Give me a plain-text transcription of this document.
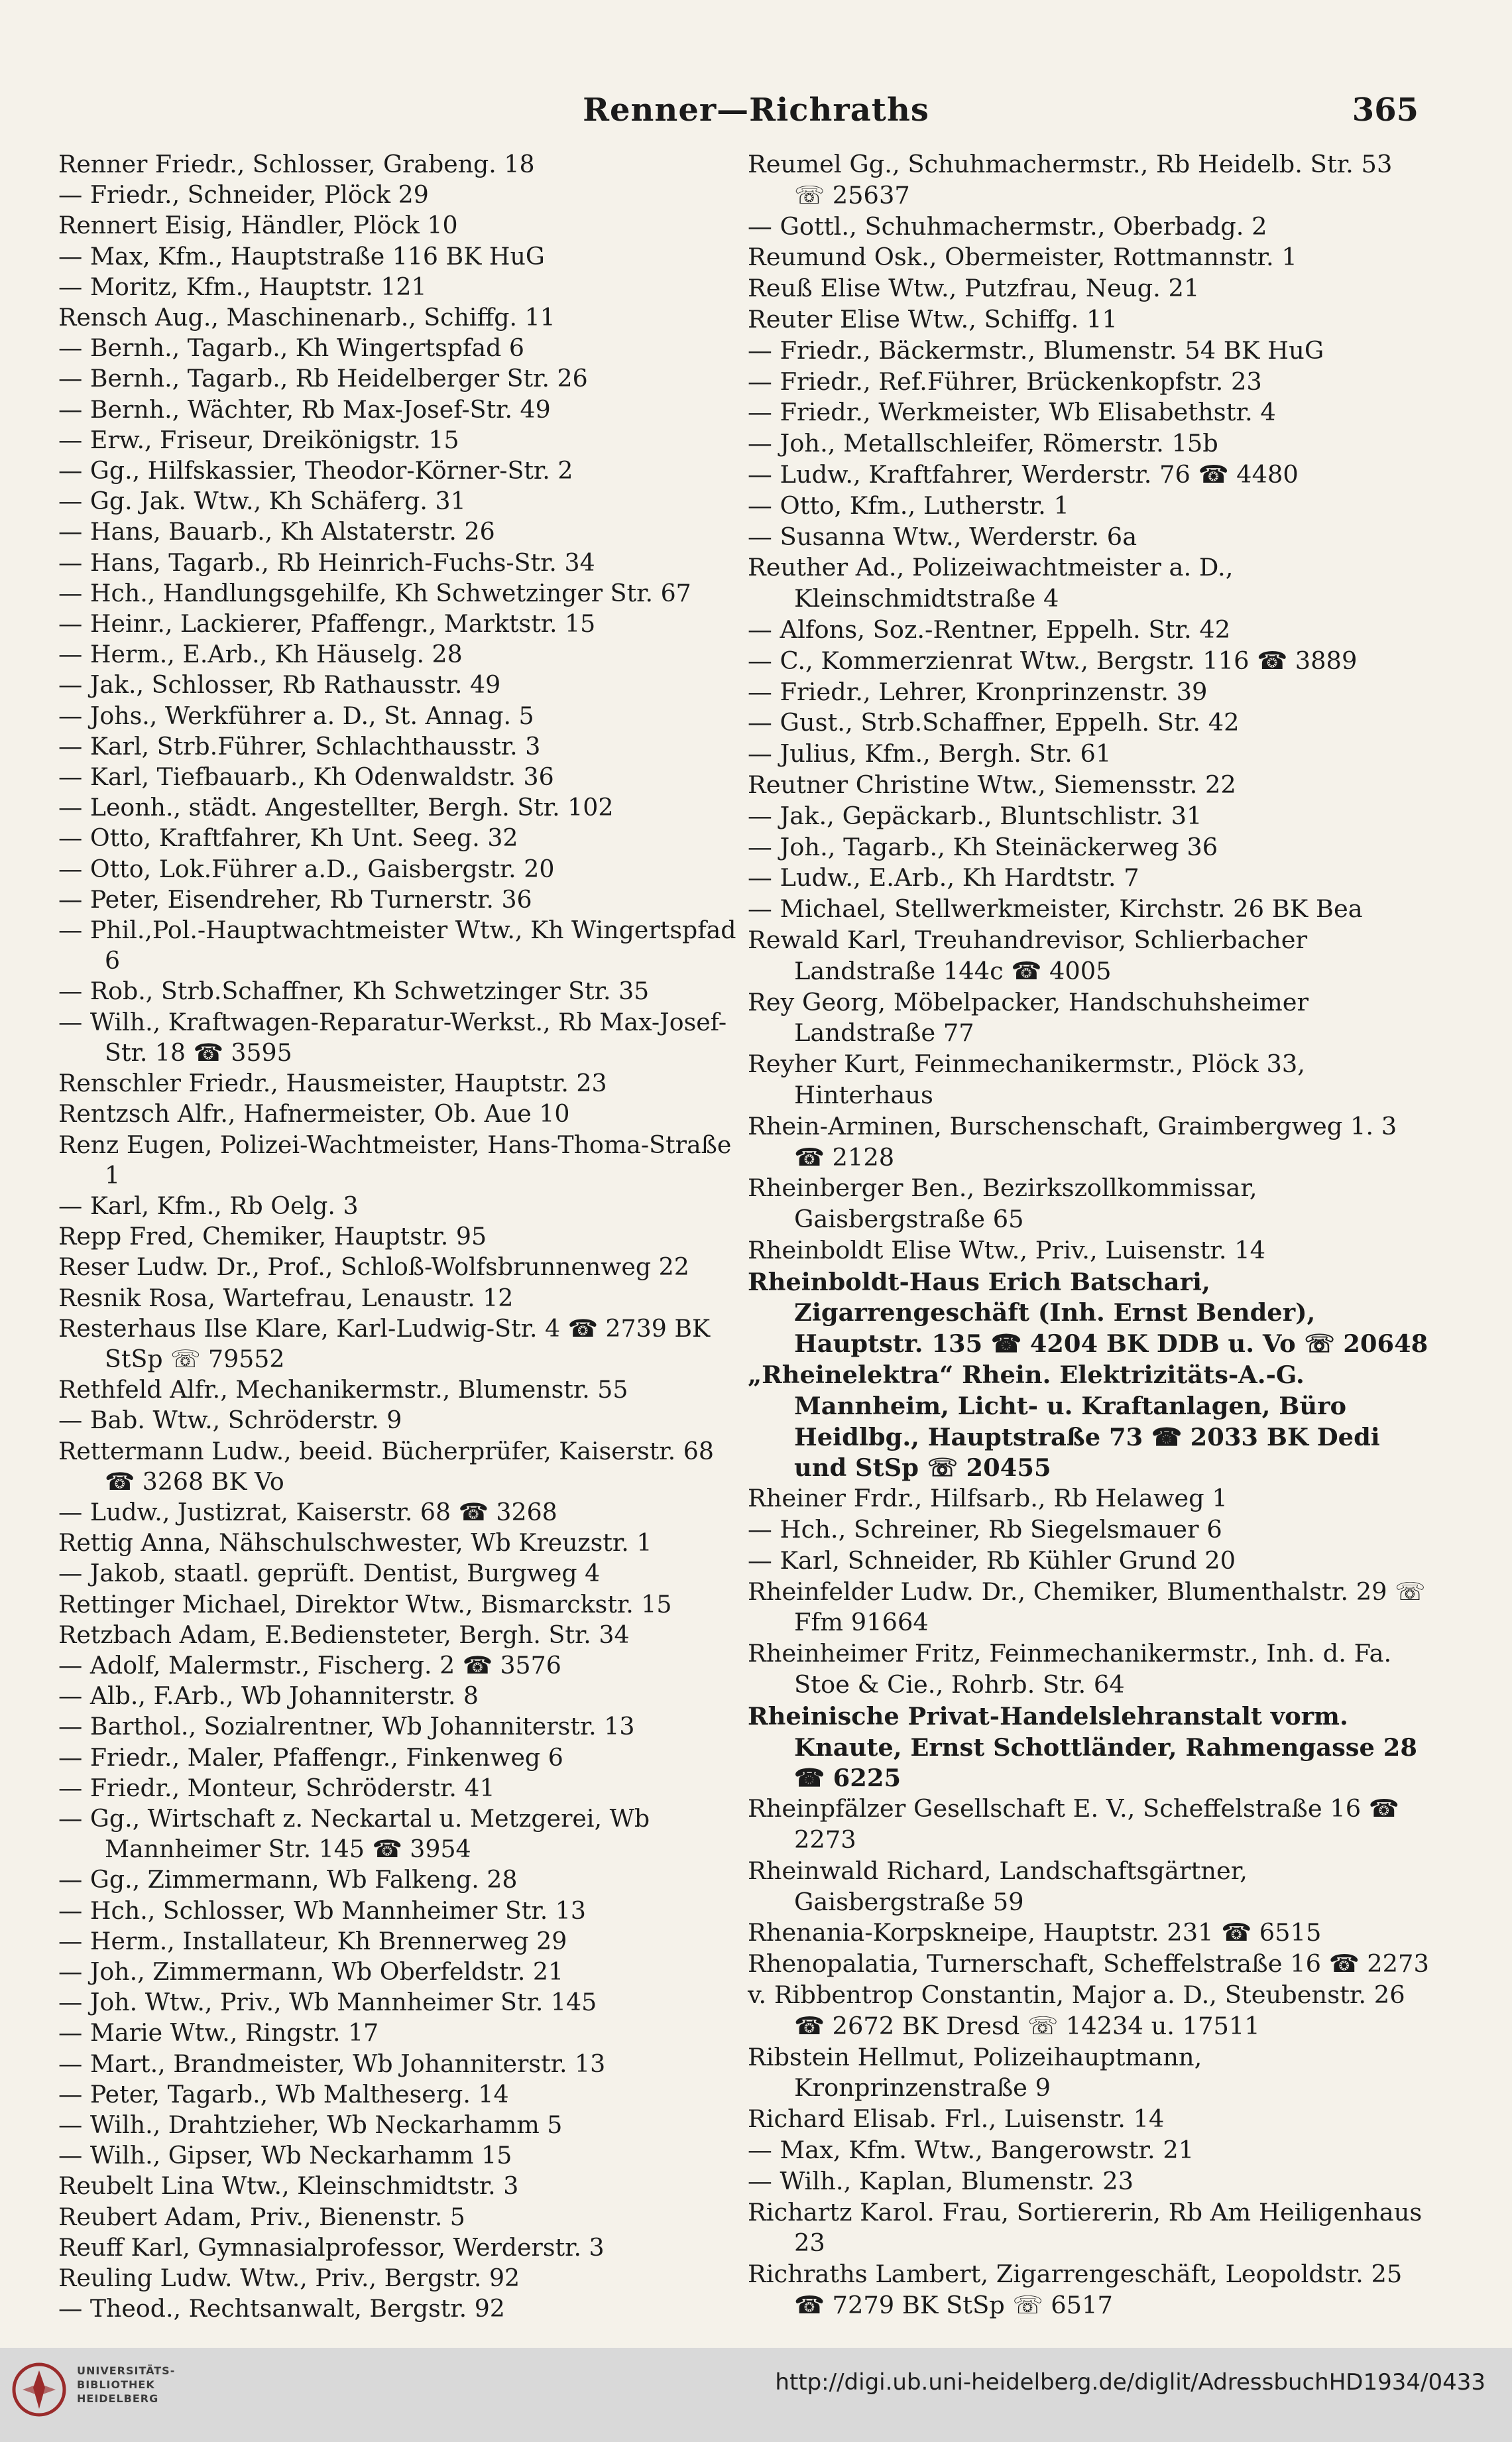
Renner—Richraths	365

Renner Friedr., Schlosser, Grabeng. 18

— Friedr., Schneider, Plöck 29

Rennert Eisig, Händler, Plöck 10

— Max, Kfm., Hauptstraße 116 BK HuG

— Moritz, Kfm., Hauptstr. 121

Rensch Aug., Maschinenarb., Schiffg. 11

— Bernh., Tagarb., Kh Wingertspfad 6

— Bernh., Tagarb., Rb Heidelberger Str. 26

— Bernh., Wächter, Rb Max-Josef-Str. 49

— Erw., Friseur, Dreikönigstr. 15

— Gg., Hilfskassier, Theodor-Körner-Str. 2

— Gg. Jak. Wtw., Kh Schäferg. 31

— Hans, Bauarb., Kh Alstaterstr. 26

— Hans, Tagarb., Rb Heinrich-Fuchs-Str. 34

— Hch., Handlungsgehilfe, Kh Schwetzinger Str. 67

— Heinr., Lackierer, Pfaffengr., Marktstr. 15

— Herm., E.Arb., Kh Häuselg. 28

— Jak., Schlosser, Rb Rathausstr. 49

— Johs., Werkführer a. D., St. Annag. 5

— Karl, Strb.Führer, Schlachthausstr. 3

— Karl, Tiefbauarb., Kh Odenwaldstr. 36

— Leonh., städt. Angestellter, Bergh. Str. 102

— Otto, Kraftfahrer, Kh Unt. Seeg. 32

— Otto, Lok.Führer a.D., Gaisbergstr. 20

— Peter, Eisendreher, Rb Turnerstr. 36

— Phil.,Pol.-Hauptwachtmeister Wtw., Kh Wingertspfad 6

— Rob., Strb.Schaffner, Kh Schwetzinger Str. 35

— Wilh., Kraftwagen-Reparatur-Werkst., Rb Max-Josef-Str. 18 ☎ 3595

Renschler Friedr., Hausmeister, Hauptstr. 23

Rentzsch Alfr., Hafnermeister, Ob. Aue 10

Renz Eugen, Polizei-Wachtmeister, Hans-Thoma-Straße 1

— Karl, Kfm., Rb Oelg. 3

Repp Fred, Chemiker, Hauptstr. 95

Reser Ludw. Dr., Prof., Schloß-Wolfsbrunnenweg 22

Resnik Rosa, Wartefrau, Lenaustr. 12

Resterhaus Ilse Klare, Karl-Ludwig-Str. 4 ☎ 2739 BK StSp ☏ 79552

Rethfeld Alfr., Mechanikermstr., Blumenstr. 55

— Bab. Wtw., Schröderstr. 9

Rettermann Ludw., beeid. Bücherprüfer, Kaiserstr. 68 ☎ 3268 BK Vo

— Ludw., Justizrat, Kaiserstr. 68 ☎ 3268

Rettig Anna, Nähschulschwester, Wb Kreuzstr. 1

— Jakob, staatl. geprüft. Dentist, Burgweg 4

Rettinger Michael, Direktor Wtw., Bismarckstr. 15

Retzbach Adam, E.Bediensteter, Bergh. Str. 34

— Adolf, Malermstr., Fischerg. 2 ☎ 3576

— Alb., F.Arb., Wb Johanniterstr. 8

— Barthol., Sozialrentner, Wb Johanniterstr. 13

— Friedr., Maler, Pfaffengr., Finkenweg 6

— Friedr., Monteur, Schröderstr. 41

— Gg., Wirtschaft z. Neckartal u. Metzgerei, Wb Mannheimer Str. 145 ☎ 3954

— Gg., Zimmermann, Wb Falkeng. 28

— Hch., Schlosser, Wb Mannheimer Str. 13

— Herm., Installateur, Kh Brennerweg 29

— Joh., Zimmermann, Wb Oberfeldstr. 21

— Joh. Wtw., Priv., Wb Mannheimer Str. 145

— Marie Wtw., Ringstr. 17

— Mart., Brandmeister, Wb Johanniterstr. 13

— Peter, Tagarb., Wb Maltheserg. 14

— Wilh., Drahtzieher, Wb Neckarhamm 5

— Wilh., Gipser, Wb Neckarhamm 15

Reubelt Lina Wtw., Kleinschmidtstr. 3

Reubert Adam, Priv., Bienenstr. 5

Reuff Karl, Gymnasialprofessor, Werderstr. 3

Reuling Ludw. Wtw., Priv., Bergstr. 92

— Theod., Rechtsanwalt, Bergstr. 92

Reumel Gg., Schuhmachermstr., Rb Heidelb. Str. 53 ☏ 25637

— Gottl., Schuhmachermstr., Oberbadg. 2

Reumund Osk., Obermeister, Rottmannstr. 1

Reuß Elise Wtw., Putzfrau, Neug. 21

Reuter Elise Wtw., Schiffg. 11

— Friedr., Bäckermstr., Blumenstr. 54 BK HuG

— Friedr., Ref.Führer, Brückenkopfstr. 23

— Friedr., Werkmeister, Wb Elisabethstr. 4

— Joh., Metallschleifer, Römerstr. 15b

— Ludw., Kraftfahrer, Werderstr. 76 ☎ 4480

— Otto, Kfm., Lutherstr. 1

— Susanna Wtw., Werderstr. 6a

Reuther Ad., Polizeiwachtmeister a. D., Kleinschmidtstraße 4

— Alfons, Soz.-Rentner, Eppelh. Str. 42

— C., Kommerzienrat Wtw., Bergstr. 116 ☎ 3889

— Friedr., Lehrer, Kronprinzenstr. 39

— Gust., Strb.Schaffner, Eppelh. Str. 42

— Julius, Kfm., Bergh. Str. 61

Reutner Christine Wtw., Siemensstr. 22

— Jak., Gepäckarb., Bluntschlistr. 31

— Joh., Tagarb., Kh Steinäckerweg 36

— Ludw., E.Arb., Kh Hardtstr. 7

— Michael, Stellwerkmeister, Kirchstr. 26 BK Bea

Rewald Karl, Treuhandrevisor, Schlierbacher Landstraße 144c ☎ 4005

Rey Georg, Möbelpacker, Handschuhsheimer Landstraße 77

Reyher Kurt, Feinmechanikermstr., Plöck 33, Hinterhaus

Rhein-Arminen, Burschenschaft, Graimbergweg 1. 3 ☎ 2128

Rheinberger Ben., Bezirkszollkommissar, Gaisbergstraße 65

Rheinboldt Elise Wtw., Priv., Luisenstr. 14

Rheinboldt-Haus Erich Batschari, Zigarrengeschäft (Inh. Ernst Bender), Hauptstr. 135 ☎ 4204 BK DDB u. Vo ☏ 20648

„Rheinelektra“ Rhein. Elektrizitäts-A.-G. Mannheim, Licht- u. Kraftanlagen, Büro Heidlbg., Hauptstraße 73 ☎ 2033 BK Dedi und StSp ☏ 20455

Rheiner Frdr., Hilfsarb., Rb Helaweg 1

— Hch., Schreiner, Rb Siegelsmauer 6

— Karl, Schneider, Rb Kühler Grund 20

Rheinfelder Ludw. Dr., Chemiker, Blumenthalstr. 29 ☏ Ffm 91664

Rheinheimer Fritz, Feinmechanikermstr., Inh. d. Fa. Stoe & Cie., Rohrb. Str. 64

Rheinische Privat-Handelslehranstalt vorm. Knaute, Ernst Schottländer, Rahmengasse 28 ☎ 6225

Rheinpfälzer Gesellschaft E. V., Scheffelstraße 16 ☎ 2273

Rheinwald Richard, Landschaftsgärtner, Gaisbergstraße 59

Rhenania-Korpskneipe, Hauptstr. 231 ☎ 6515

Rhenopalatia, Turnerschaft, Scheffelstraße 16 ☎ 2273

v. Ribbentrop Constantin, Major a. D., Steubenstr. 26 ☎ 2672 BK Dresd ☏ 14234 u. 17511

Ribstein Hellmut, Polizeihauptmann, Kronprinzenstraße 9

Richard Elisab. Frl., Luisenstr. 14

— Max, Kfm. Wtw., Bangerowstr. 21

— Wilh., Kaplan, Blumenstr. 23

Richartz Karol. Frau, Sortiererin, Rb Am Heiligenhaus 23

Richraths Lambert, Zigarrengeschäft, Leopoldstr. 25 ☎ 7279 BK StSp ☏ 6517

UNIVERSITÄTS-
BIBLIOTHEK
HEIDELBERG
http://digi.ub.uni-heidelberg.de/diglit/AdressbuchHD1934/0433
